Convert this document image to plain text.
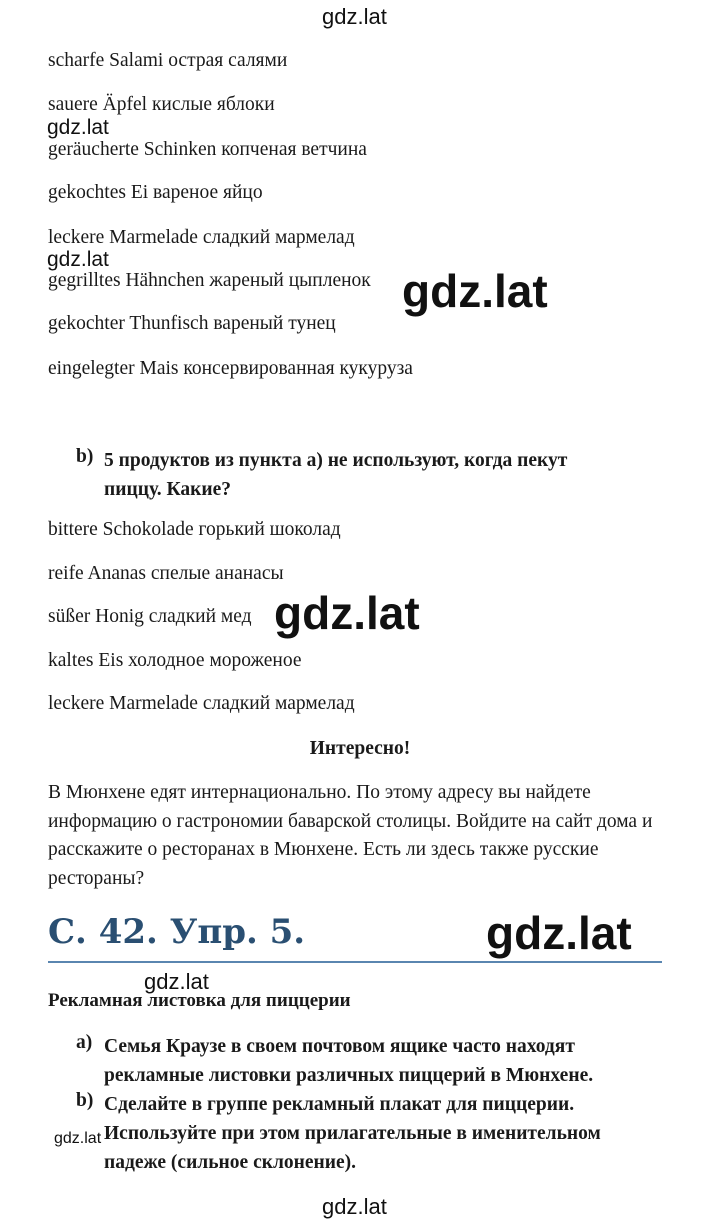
gdz.lat
scharfe Salami острая салями
sauere Äpfel кислые яблоки
gdz.lat
geräucherte Schinken копченая ветчина
gekochtes Ei вареное яйцо
leckere Marmelade сладкий мармелад
gdz.lat
gegrilltes Hähnchen жареный цыпленок gdz.lat
gekochter Thunfisch вареный тунец
eingelegter Mais консервированная кукуруза
b) 5 продуктов из пункта а) не используют, когда пекут пиццу. Какие?
bittere Schokolade горький шоколад
reife Ananas спелые ананасы
süßer Honig сладкий мед gdz.lat
kaltes Eis холодное мороженое
leckere Marmelade сладкий мармелад
Интересно!
В Мюнхене едят интернационально. По этому адресу вы найдете информацию о гастрономии баварской столицы. Войдите на сайт дома и расскажите о ресторанах в Мюнхене. Есть ли здесь также русские рестораны?
С. 42. Упр. 5.	gdz.lat
gdz.lat
Рекламная листовка для пиццерии
a) Семья Краузе в своем почтовом ящике часто находят рекламные листовки различных пиццерий в Мюнхене.
b) Сделайте в группе рекламный плакат для пиццерии. Используйте при этом прилагательные в именительном падеже (сильное склонение).
gdz.lat
gdz.lat
